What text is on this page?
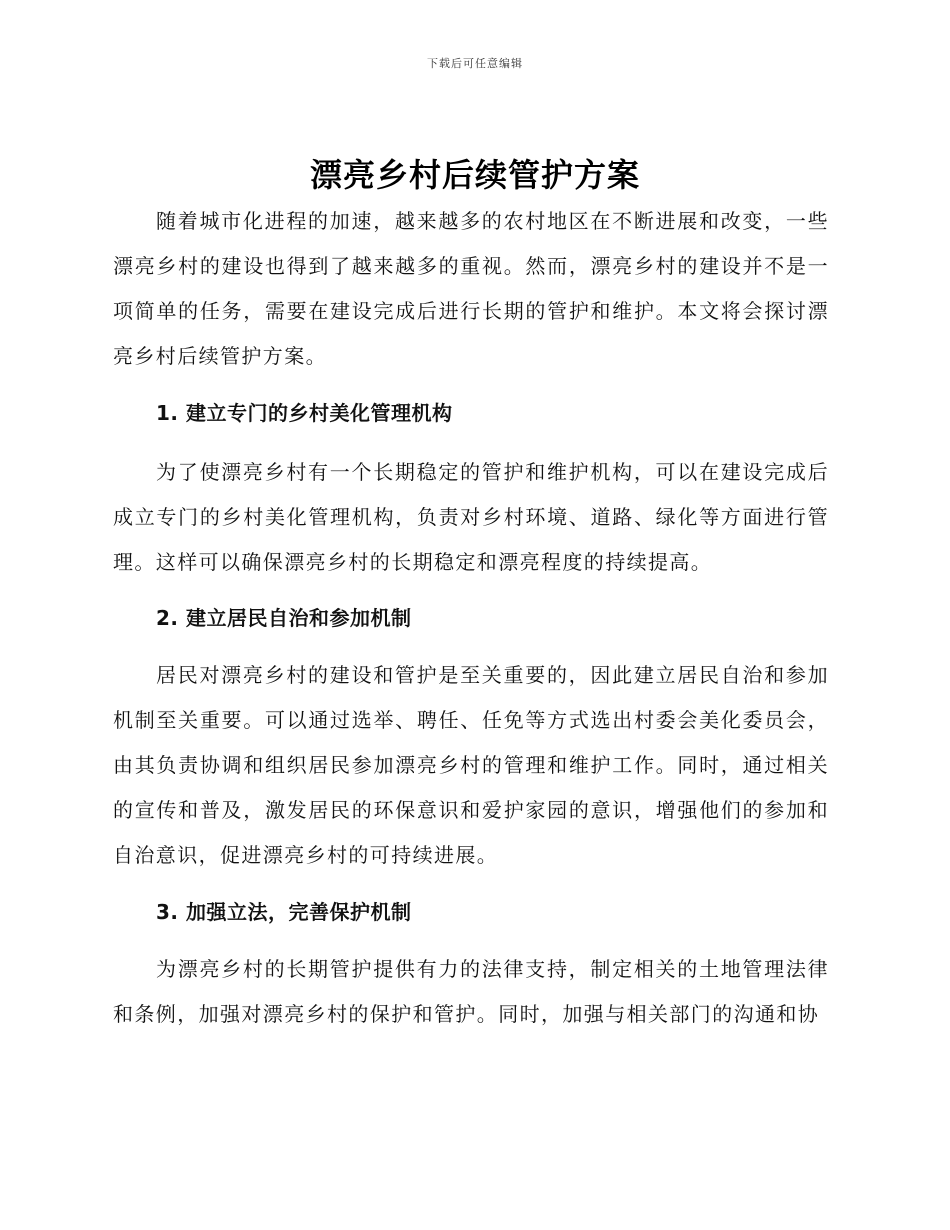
下载后可任意编辑
漂亮乡村后续管护方案

随着城市化进程的加速，越来越多的农村地区在不断进展和改变，一些漂亮乡村的建设也得到了越来越多的重视。然而，漂亮乡村的建设并不是一项简单的任务，需要在建设完成后进行长期的管护和维护。本文将会探讨漂亮乡村后续管护方案。

1. 建立专门的乡村美化管理机构

为了使漂亮乡村有一个长期稳定的管护和维护机构，可以在建设完成后成立专门的乡村美化管理机构，负责对乡村环境、道路、绿化等方面进行管理。这样可以确保漂亮乡村的长期稳定和漂亮程度的持续提高。

2. 建立居民自治和参加机制

居民对漂亮乡村的建设和管护是至关重要的，因此建立居民自治和参加机制至关重要。可以通过选举、聘任、任免等方式选出村委会美化委员会，由其负责协调和组织居民参加漂亮乡村的管理和维护工作。同时，通过相关的宣传和普及，激发居民的环保意识和爱护家园的意识，增强他们的参加和自治意识，促进漂亮乡村的可持续进展。

3. 加强立法，完善保护机制

为漂亮乡村的长期管护提供有力的法律支持，制定相关的土地管理法律和条例，加强对漂亮乡村的保护和管护。同时，加强与相关部门的沟通和协
